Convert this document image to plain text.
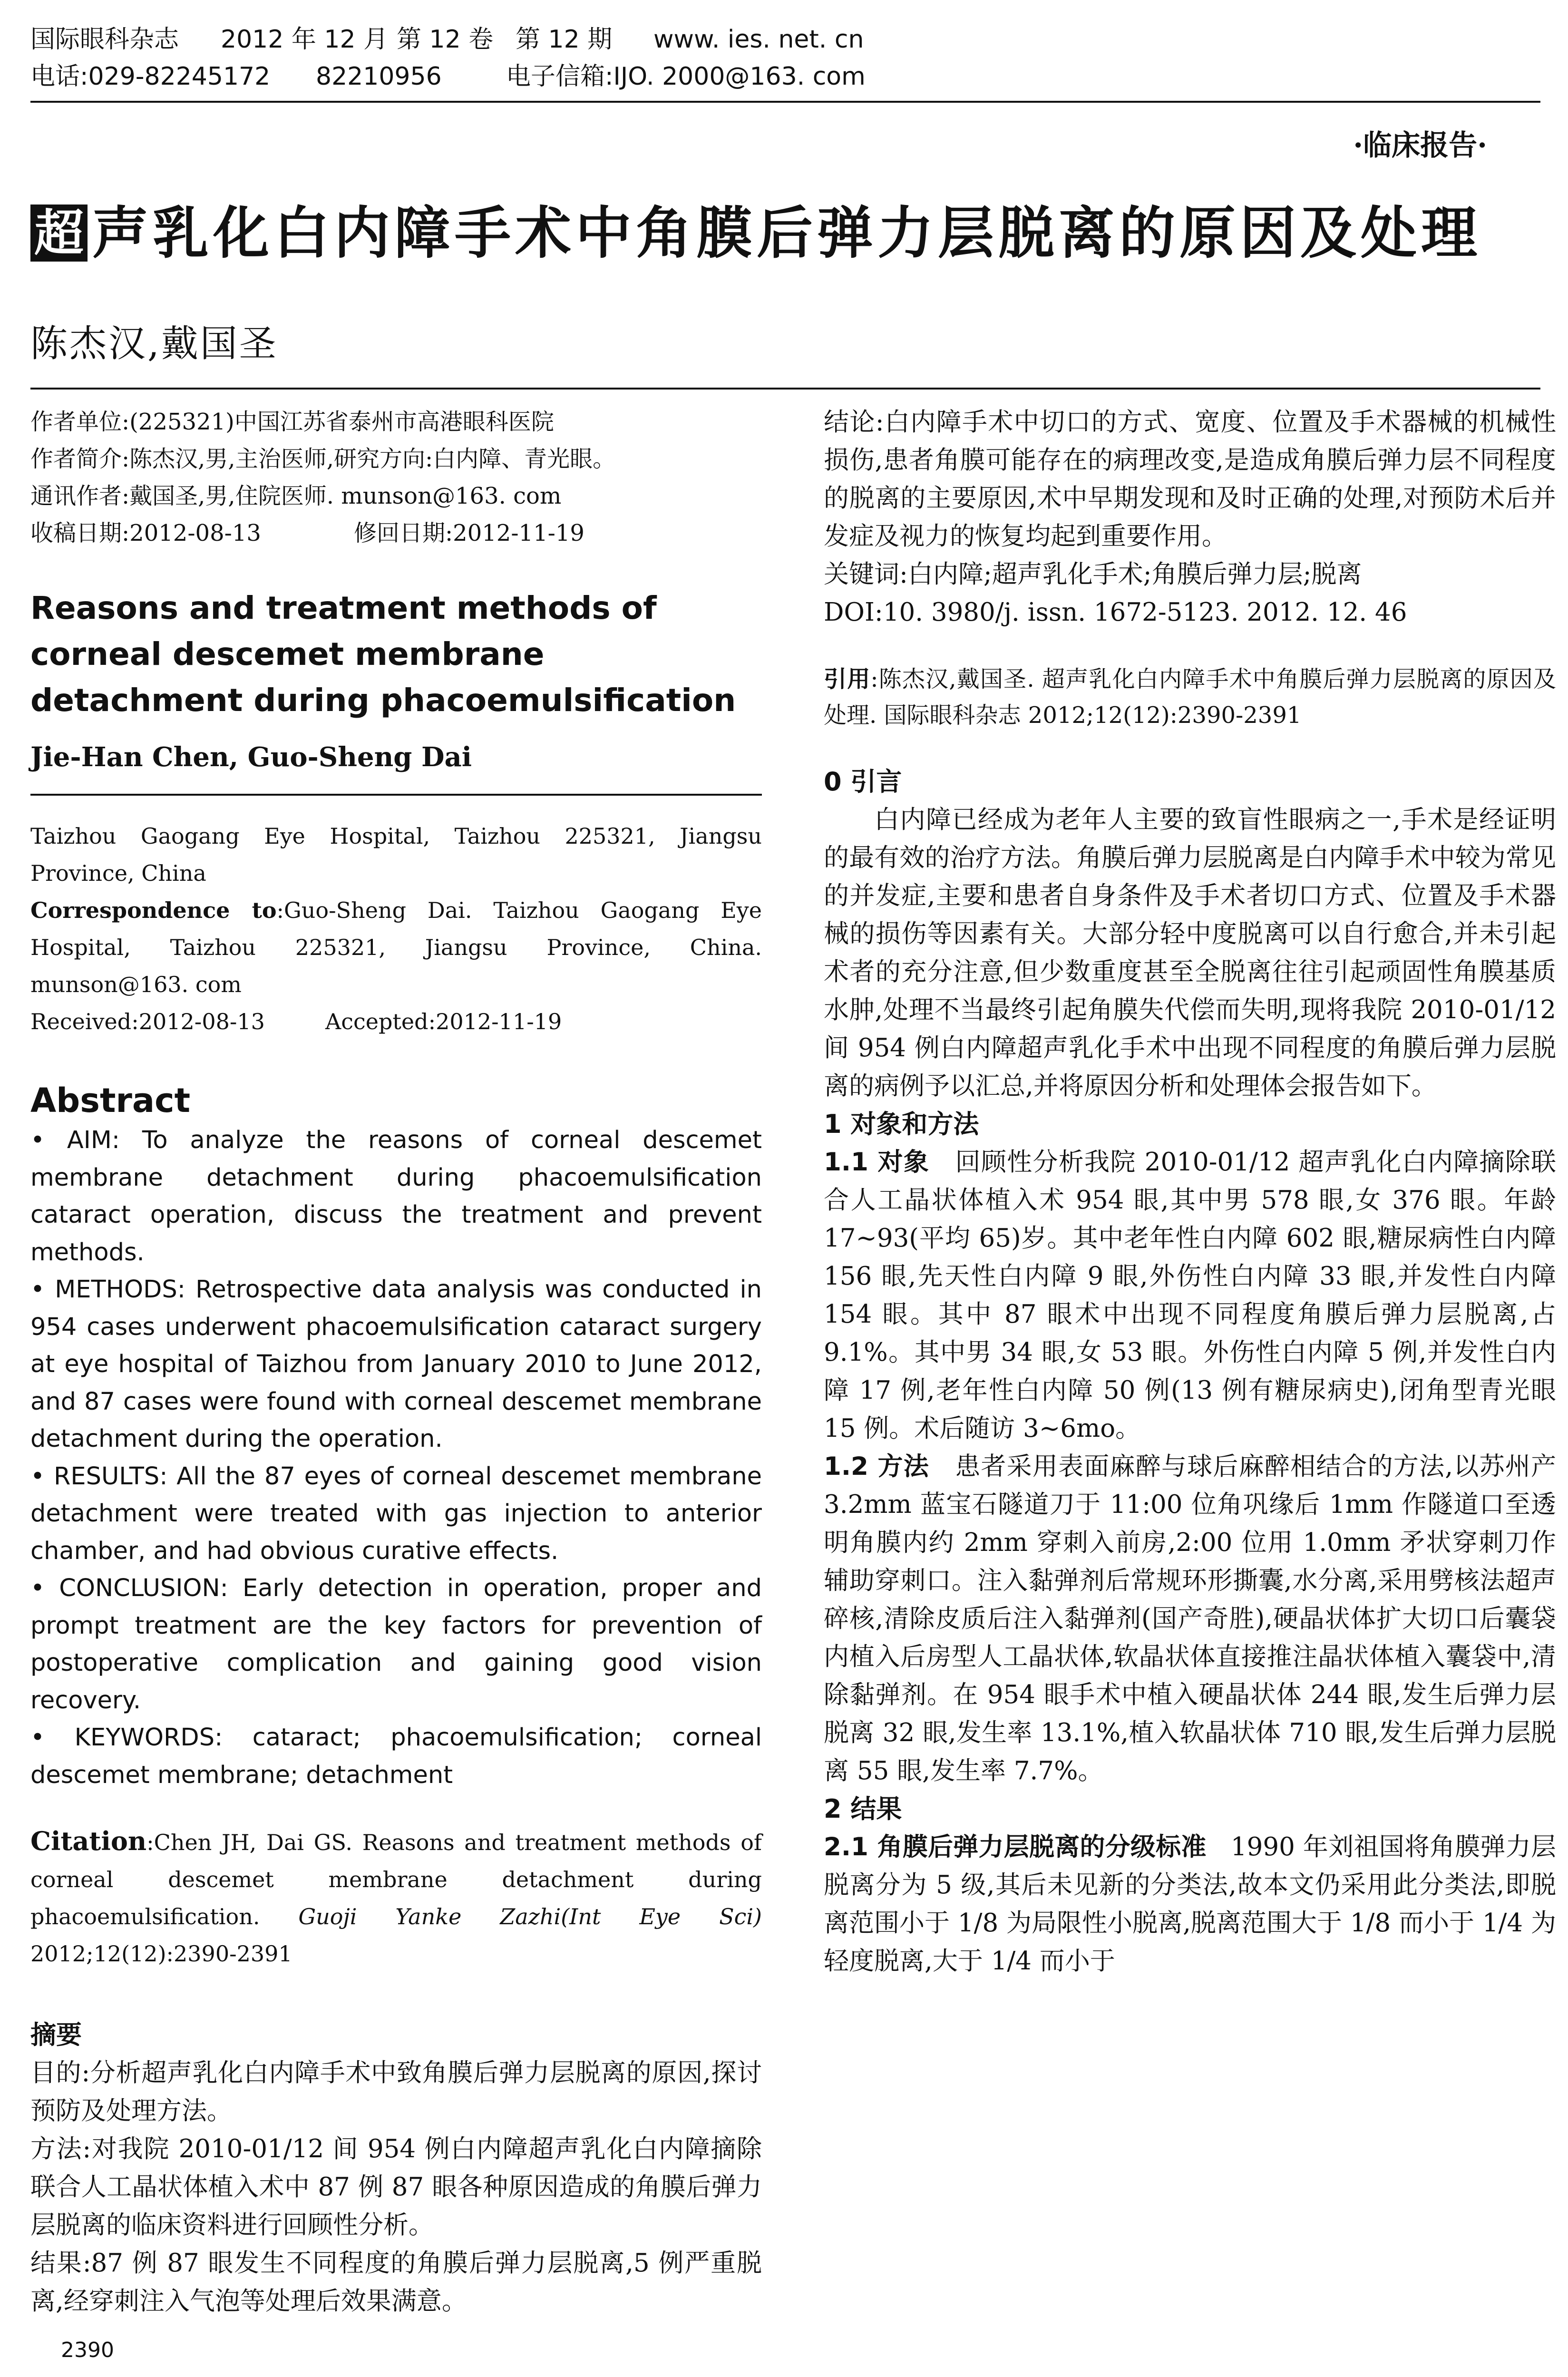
国际眼科杂志	2012 年 12 月 第 12 卷 第 12 期	www. ies. net. cn
电话:029-82245172	82210956	电子信箱:IJO. 2000@163. com
·临床报告·
超 声乳化白内障手术中角膜后弹力层脱离的原因及处理
陈杰汉,戴国圣
作者单位:(225321)中国江苏省泰州市高港眼科医院
作者简介:陈杰汉,男,主治医师,研究方向:白内障、青光眼。
通讯作者:戴国圣,男,住院医师. munson@163. com
收稿日期:2012-08-13	修回日期:2012-11-19
Reasons and treatment methods of corneal descemet membrane detachment during phacoemulsification
Jie-Han Chen, Guo-Sheng Dai
Taizhou Gaogang Eye Hospital, Taizhou 225321, Jiangsu Province, China
Correspondence to:Guo-Sheng Dai. Taizhou Gaogang Eye Hospital, Taizhou 225321, Jiangsu Province, China. munson@163. com
Received:2012-08-13	Accepted:2012-11-19
Abstract
• AIM: To analyze the reasons of corneal descemet membrane detachment during phacoemulsification cataract operation, discuss the treatment and prevent methods.
• METHODS: Retrospective data analysis was conducted in 954 cases underwent phacoemulsification cataract surgery at eye hospital of Taizhou from January 2010 to June 2012, and 87 cases were found with corneal descemet membrane detachment during the operation.
• RESULTS: All the 87 eyes of corneal descemet membrane detachment were treated with gas injection to anterior chamber, and had obvious curative effects.
• CONCLUSION: Early detection in operation, proper and prompt treatment are the key factors for prevention of postoperative complication and gaining good vision recovery.
• KEYWORDS: cataract; phacoemulsification; corneal descemet membrane; detachment
Citation:Chen JH, Dai GS. Reasons and treatment methods of corneal descemet membrane detachment during phacoemulsification. Guoji Yanke Zazhi(Int Eye Sci) 2012;12(12):2390-2391
摘要
目的:分析超声乳化白内障手术中致角膜后弹力层脱离的原因,探讨预防及处理方法。
方法:对我院 2010-01/12 间 954 例白内障超声乳化白内障摘除联合人工晶状体植入术中 87 例 87 眼各种原因造成的角膜后弹力层脱离的临床资料进行回顾性分析。
结果:87 例 87 眼发生不同程度的角膜后弹力层脱离,5 例严重脱离,经穿刺注入气泡等处理后效果满意。
结论:白内障手术中切口的方式、宽度、位置及手术器械的机械性损伤,患者角膜可能存在的病理改变,是造成角膜后弹力层不同程度的脱离的主要原因,术中早期发现和及时正确的处理,对预防术后并发症及视力的恢复均起到重要作用。
关键词:白内障;超声乳化手术;角膜后弹力层;脱离
DOI:10. 3980/j. issn. 1672-5123. 2012. 12. 46
引用:陈杰汉,戴国圣. 超声乳化白内障手术中角膜后弹力层脱离的原因及处理. 国际眼科杂志 2012;12(12):2390-2391
0 引言
白内障已经成为老年人主要的致盲性眼病之一,手术是经证明的最有效的治疗方法。角膜后弹力层脱离是白内障手术中较为常见的并发症,主要和患者自身条件及手术者切口方式、位置及手术器械的损伤等因素有关。大部分轻中度脱离可以自行愈合,并未引起术者的充分注意,但少数重度甚至全脱离往往引起顽固性角膜基质水肿,处理不当最终引起角膜失代偿而失明,现将我院 2010-01/12 间 954 例白内障超声乳化手术中出现不同程度的角膜后弹力层脱离的病例予以汇总,并将原因分析和处理体会报告如下。
1 对象和方法
1.1 对象 回顾性分析我院 2010-01/12 超声乳化白内障摘除联合人工晶状体植入术 954 眼,其中男 578 眼,女 376 眼。年龄 17~93(平均 65)岁。其中老年性白内障 602 眼,糖尿病性白内障 156 眼,先天性白内障 9 眼,外伤性白内障 33 眼,并发性白内障 154 眼。其中 87 眼术中出现不同程度角膜后弹力层脱离,占 9.1%。其中男 34 眼,女 53 眼。外伤性白内障 5 例,并发性白内障 17 例,老年性白内障 50 例(13 例有糖尿病史),闭角型青光眼 15 例。术后随访 3~6mo。
1.2 方法 患者采用表面麻醉与球后麻醉相结合的方法,以苏州产 3.2mm 蓝宝石隧道刀于 11:00 位角巩缘后 1mm 作隧道口至透明角膜内约 2mm 穿刺入前房,2:00 位用 1.0mm 矛状穿刺刀作辅助穿刺口。注入黏弹剂后常规环形撕囊,水分离,采用劈核法超声碎核,清除皮质后注入黏弹剂(国产奇胜),硬晶状体扩大切口后囊袋内植入后房型人工晶状体,软晶状体直接推注晶状体植入囊袋中,清除黏弹剂。在 954 眼手术中植入硬晶状体 244 眼,发生后弹力层脱离 32 眼,发生率 13.1%,植入软晶状体 710 眼,发生后弹力层脱离 55 眼,发生率 7.7%。
2 结果
2.1 角膜后弹力层脱离的分级标准 1990 年刘祖国将角膜弹力层脱离分为 5 级,其后未见新的分类法,故本文仍采用此分类法,即脱离范围小于 1/8 为局限性小脱离,脱离范围大于 1/8 而小于 1/4 为轻度脱离,大于 1/4 而小于
2390
